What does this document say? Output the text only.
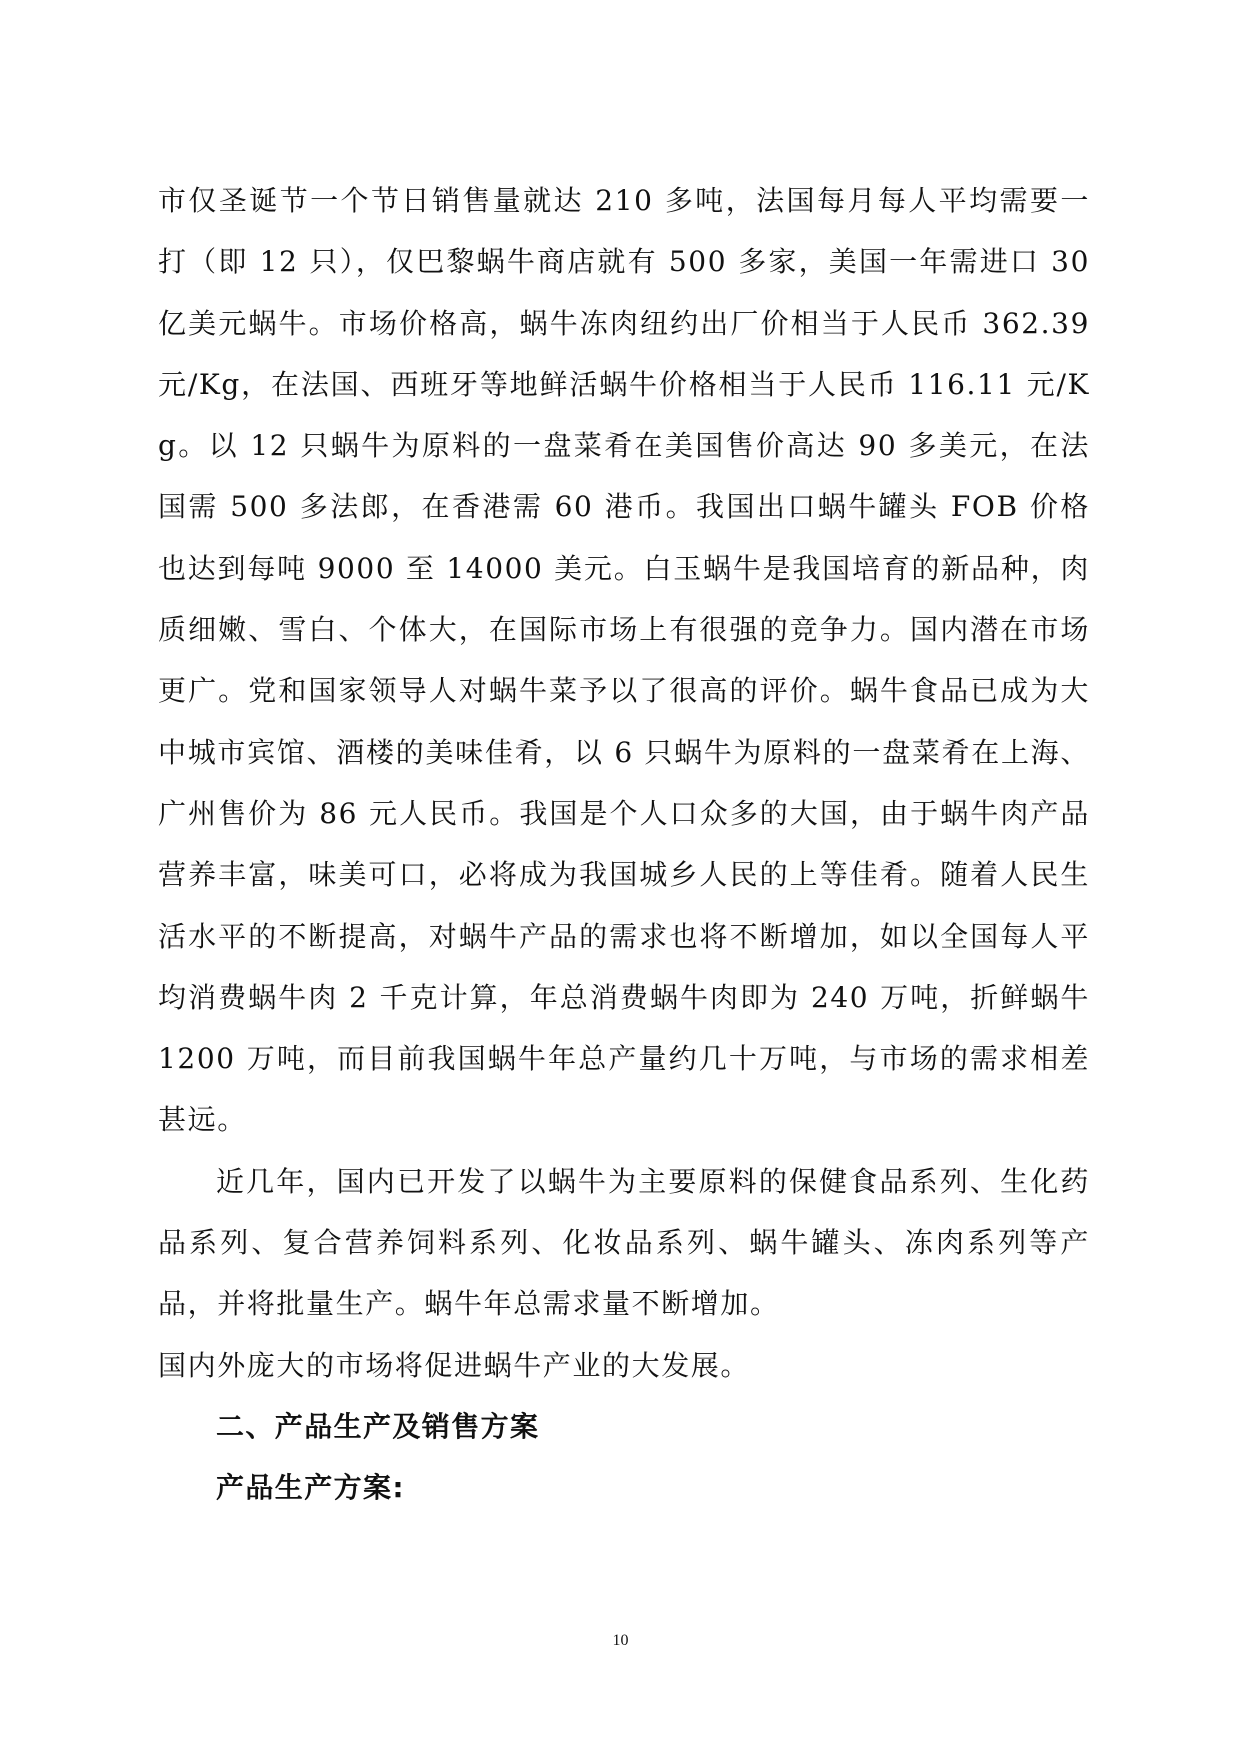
市仅圣诞节一个节日销售量就达 210 多吨，法国每月每人平均需要一打（即 12 只），仅巴黎蜗牛商店就有 500 多家，美国一年需进口 30 亿美元蜗牛。市场价格高，蜗牛冻肉纽约出厂价相当于人民币 362.39 元/Kg，在法国、西班牙等地鲜活蜗牛价格相当于人民币 116.11 元/Kg。以 12 只蜗牛为原料的一盘菜肴在美国售价高达 90 多美元，在法国需 500 多法郎，在香港需 60 港币。我国出口蜗牛罐头 FOB 价格也达到每吨 9000 至 14000 美元。白玉蜗牛是我国培育的新品种，肉质细嫩、雪白、个体大，在国际市场上有很强的竞争力。国内潜在市场更广。党和国家领导人对蜗牛菜予以了很高的评价。蜗牛食品已成为大中城市宾馆、酒楼的美味佳肴，以 6 只蜗牛为原料的一盘菜肴在上海、广州售价为 86 元人民币。我国是个人口众多的大国，由于蜗牛肉产品营养丰富，味美可口，必将成为我国城乡人民的上等佳肴。随着人民生活水平的不断提高，对蜗牛产品的需求也将不断增加，如以全国每人平均消费蜗牛肉 2 千克计算，年总消费蜗牛肉即为 240 万吨，折鲜蜗牛 1200 万吨，而目前我国蜗牛年总产量约几十万吨，与市场的需求相差甚远。

近几年，国内已开发了以蜗牛为主要原料的保健食品系列、生化药品系列、复合营养饲料系列、化妆品系列、蜗牛罐头、冻肉系列等产品，并将批量生产。蜗牛年总需求量不断增加。

国内外庞大的市场将促进蜗牛产业的大发展。

二、产品生产及销售方案
产品生产方案:
10
